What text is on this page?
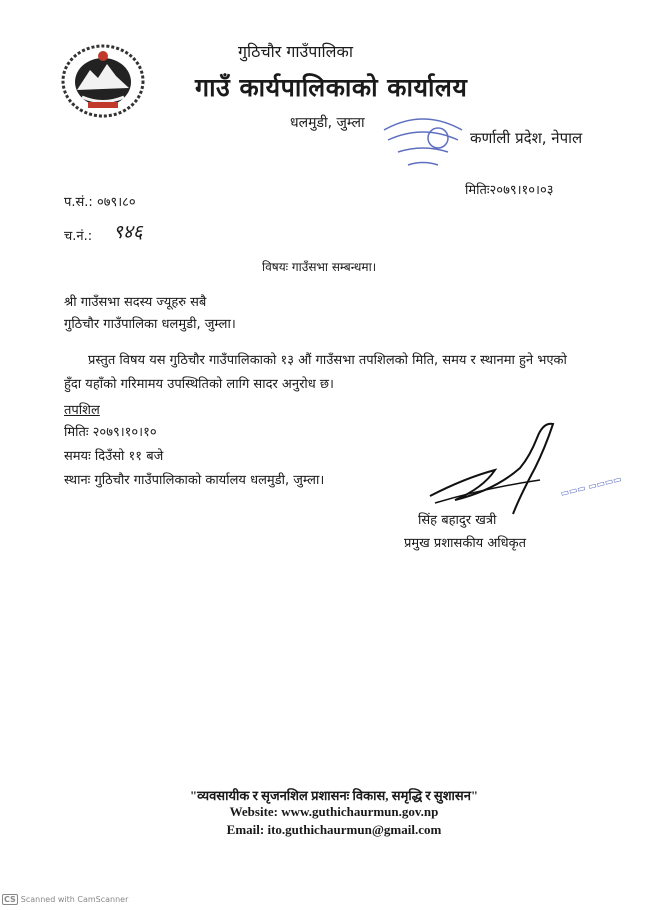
गुठिचौर गाउँपालिका
गाउँ कार्यपालिकाको कार्यालय
धलमुडी, जुम्ला
कर्णाली प्रदेश, नेपाल
प.सं.: ०७९।८०
च.नं.: ९४६
मितिः२०७९।१०।०३
विषयः गाउँसभा सम्बन्धमा।
श्री गाउँसभा सदस्य ज्यूहरु सबै
गुठिचौर गाउँपालिका धलमुडी, जुम्ला।
प्रस्तुत विषय यस गुठिचौर गाउँपालिकाको १३ औं गाउँसभा तपशिलको मिति, समय र स्थानमा हुने भएको
हुँदा यहाँको गरिमामय उपस्थितिको लागि सादर अनुरोध छ।
तपशिल
मितिः २०७९।१०।१०
समयः दिउँसो ११ बजे
स्थानः गुठिचौर गाउँपालिकाको कार्यालय धलमुडी, जुम्ला।	▭▭▭ ▭▭▭▭
सिंह बहादुर खत्री
प्रमुख प्रशासकीय अधिकृत
"व्यवसायीक र सृजनशिल प्रशासनः विकास, समृद्धि र सुशासन"
Website: www.guthichaurmun.gov.np
Email: ito.guthichaurmun@gmail.com
CS Scanned with CamScanner
